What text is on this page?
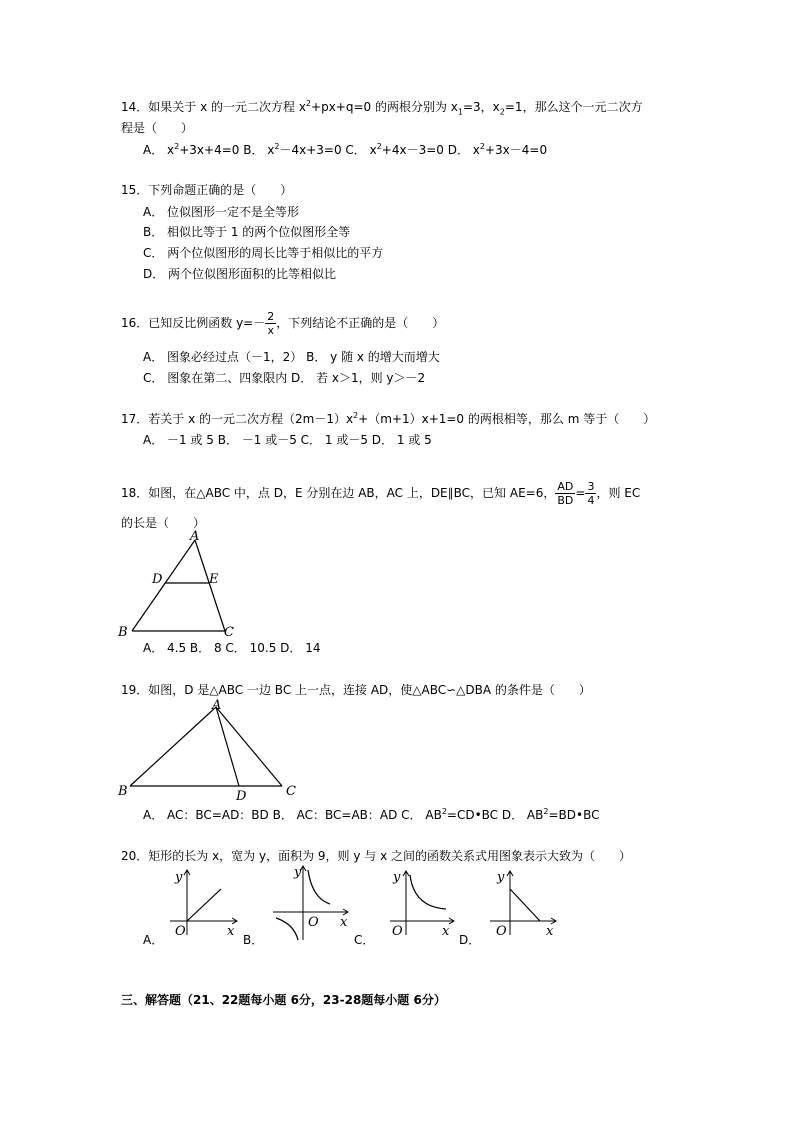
14．如果关于 x 的一元二次方程 $x^2+px+q=0$ 的两根分别为 $x_1=3$，$x_2=1$，那么这个一元二次方
程是（　　）
A． $x^2+3x+4=0$ B． $x^2-4x+3=0$ C． $x^2+4x-3=0$ D． $x^2+3x-4=0$
15．下列命题正确的是（　　）
A． 位似图形一定不是全等形
B． 相似比等于 1 的两个位似图形全等
C． 两个位似图形的周长比等于相似比的平方
D． 两个位似图形面积的比等相似比
16．已知反比例函数 $y=- \frac{2}{x}$ ，下列结论不正确的是（　　）
A． 图象必经过点（－1，2） B． y 随 x 的增大而增大
C． 图象在第二、四象限内 D． 若 x＞1，则 y＞－2
17．若关于 x 的一元二次方程$(2m-1)x^2+(m+1)x+1=0$ 的两根相等，那么 m 等于（　　）
A． －1 或 5 B． －1 或－5 C． 1 或－5 D． 1 或 5
18．如图，在△ABC 中，点 D，E 分别在边 AB，AC 上，DE∥BC，已知 AE=6， $\frac{AD}{BD} = \frac{3}{4}$ ，则 EC
的长是（　　）
A
D	E
B	C
A． 4.5 B． 8 C． 10.5 D． 14
19．如图，D 是△ABC 一边 BC 上一点，连接 AD，使△ABC∽△DBA 的条件是（　　）
A
B	D	C
A． AC：BC=AD：BD B． AC：BC=AB：AD C． $AB^2=CD•BC$ D． $AB^2=BD•BC$
20．矩形的长为 x，宽为 y，面积为 9，则 y 与 x 之间的函数关系式用图象表示大致为（　　）
y
x
O
A．
y
x
O
B．
y
x
O
C．
y
x
O
D．
三、解答题（21、22题每小题 6分，23-28题每小题 6分）
